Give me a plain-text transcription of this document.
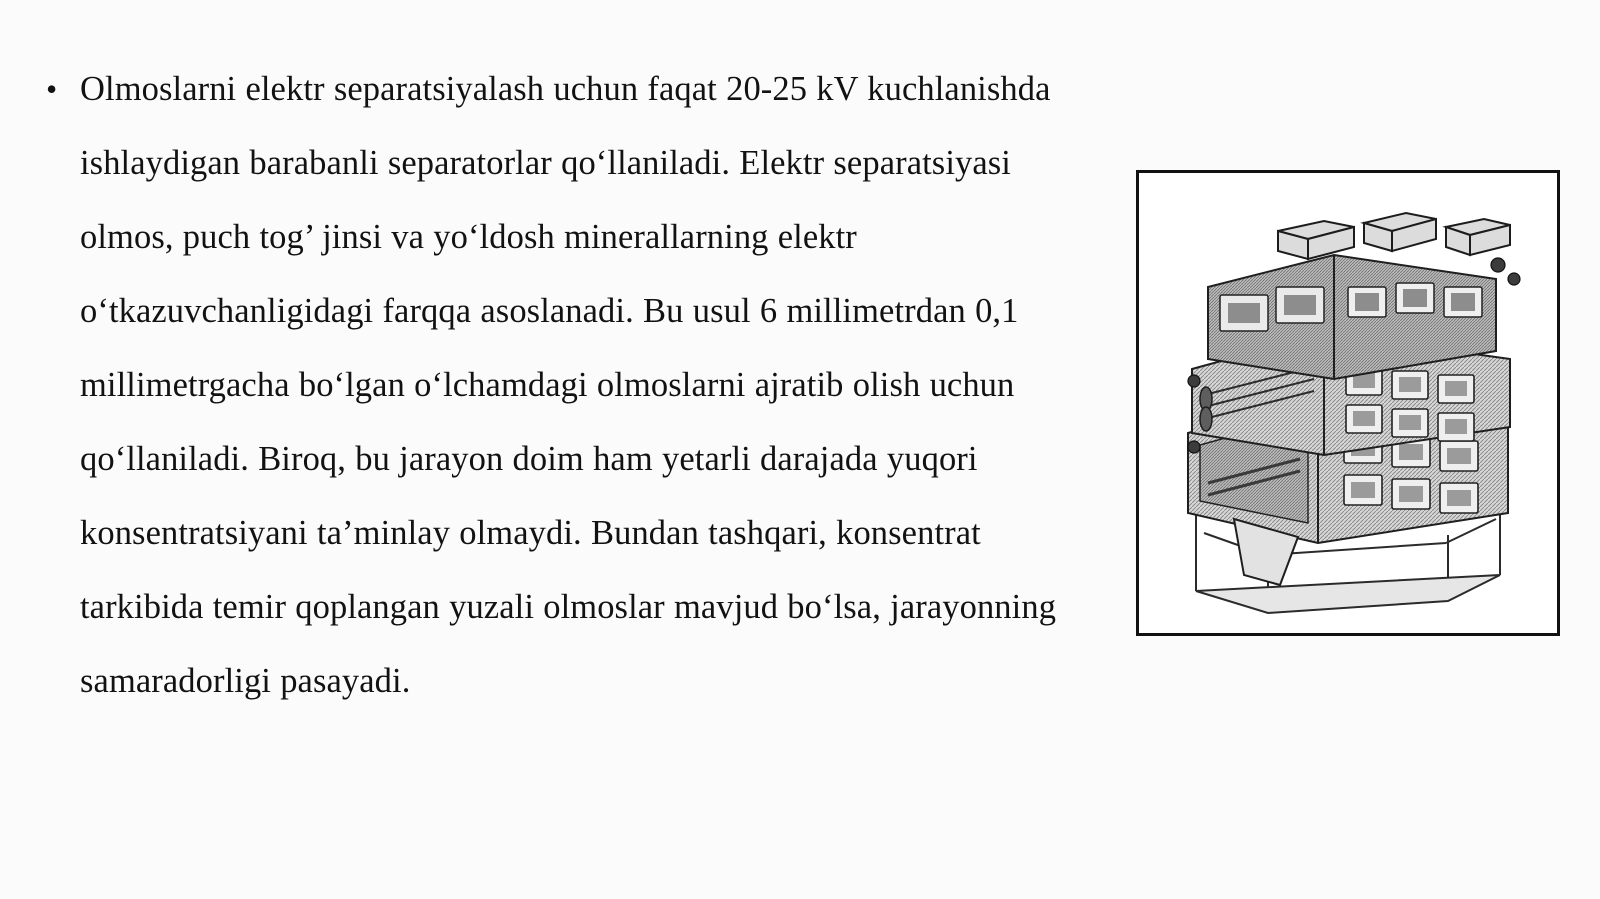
• Olmoslarni elektr separatsiyalash uchun faqat 20-25 kV kuchlanishda ishlaydigan barabanli separatorlar qo‘llaniladi. Elektr separatsiyasi olmos, puch tog’ jinsi va yo‘ldosh minerallarning elektr o‘tkazuvchanligidagi farqqa asoslanadi. Bu usul 6 millimetrdan 0,1 millimetrgacha bo‘lgan o‘lchamdagi olmoslarni ajratib olish uchun qo‘llaniladi. Biroq, bu jarayon doim ham yetarli darajada yuqori konsentratsiyani ta’minlay olmaydi. Bundan tashqari, konsentrat tarkibida temir qoplangan yuzali olmoslar mavjud bo‘lsa, jarayonning samaradorligi pasayadi.
